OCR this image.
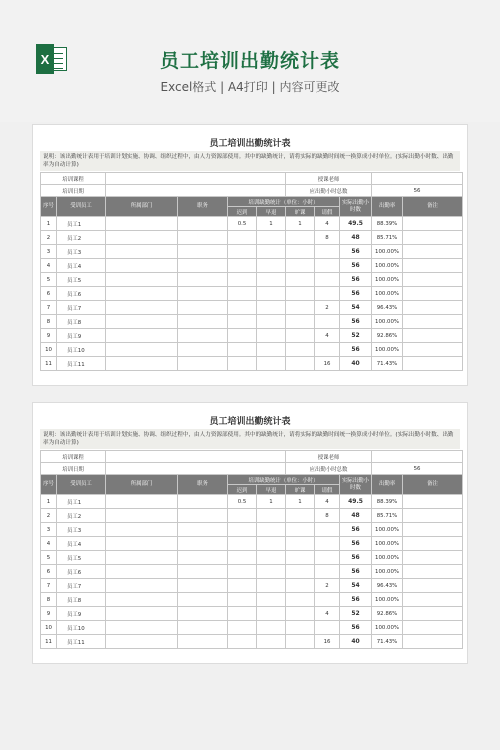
X	员工培训出勤统计表
Excel格式 | A4打印 | 内容可更改
员工培训出勤统计表
说明：该出勤统计表用于培训计划实施、协调、组织过程中，由人力资源部使用。其中的缺勤统计，请将实际的缺勤时间统一换算成小时单位。(实际出勤小时数、出勤率为自动计算)
培训课程						授课老师				
培训日期						应出勤小时总数			56	
序号	受训员工	所属部门	职务	培训缺勤统计（单位：小时）				实际出勤小时数	出勤率	备注
				迟到	早退	旷课	请假			
1	员工1			0.5	1	1	4	49.5	88.39%	
2	员工2						8	48	85.71%	
3	员工3							56	100.00%	
4	员工4							56	100.00%	
5	员工5							56	100.00%	
6	员工6							56	100.00%	
7	员工7						2	54	96.43%	
8	员工8							56	100.00%	
9	员工9						4	52	92.86%	
10	员工10							56	100.00%	
11	员工11						16	40	71.43%	
员工培训出勤统计表
说明：该出勤统计表用于培训计划实施、协调、组织过程中，由人力资源部使用。其中的缺勤统计，请将实际的缺勤时间统一换算成小时单位。(实际出勤小时数、出勤率为自动计算)
培训课程						授课老师				
培训日期						应出勤小时总数			56	
序号	受训员工	所属部门	职务	培训缺勤统计（单位：小时）				实际出勤小时数	出勤率	备注
				迟到	早退	旷课	请假			
1	员工1			0.5	1	1	4	49.5	88.39%	
2	员工2						8	48	85.71%	
3	员工3							56	100.00%	
4	员工4							56	100.00%	
5	员工5							56	100.00%	
6	员工6							56	100.00%	
7	员工7						2	54	96.43%	
8	员工8							56	100.00%	
9	员工9						4	52	92.86%	
10	员工10							56	100.00%	
11	员工11						16	40	71.43%	
